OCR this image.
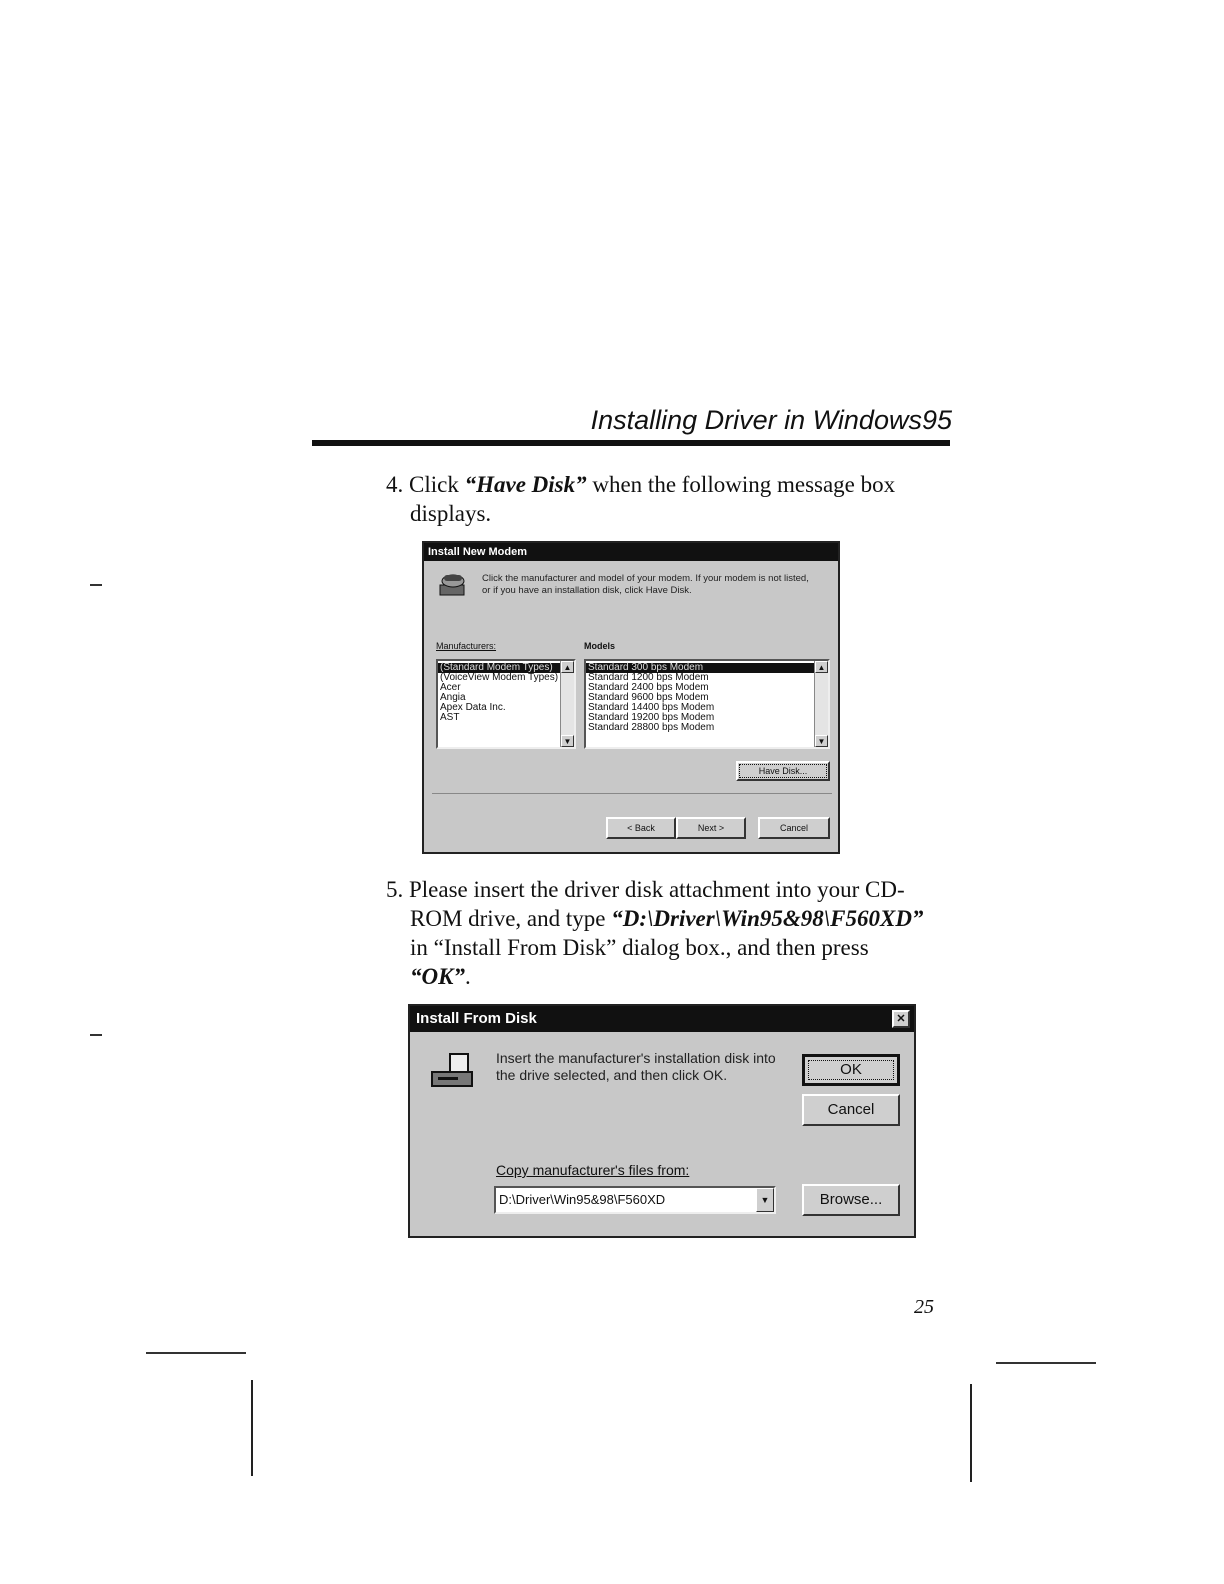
Installing Driver in Windows95
4. Click “Have Disk” when the following message box
displays.
Install New Modem
Click the manufacturer and model of your modem. If your modem is not listed,
or if you have an installation disk, click Have Disk.
Manufacturers:	Models
(Standard Modem Types)
(VoiceView Modem Types)
Acer
Angia
Apex Data Inc.
AST
▲
▼
Standard 300 bps Modem
Standard 1200 bps Modem
Standard 2400 bps Modem
Standard 9600 bps Modem
Standard 14400 bps Modem
Standard 19200 bps Modem
Standard 28800 bps Modem
▲
▼
Have Disk...
< Back	Next >	Cancel
5. Please insert the driver disk attachment into your CD-
ROM drive, and type “D:\Driver\Win95&98\F560XD”
in “Install From Disk” dialog box., and then press
“OK”.
Install From Disk	✕
Insert the manufacturer's installation disk into
the drive selected, and then click OK.	OK
Cancel
Copy manufacturer's files from:
D:\Driver\Win95&98\F560XD	▼	Browse...
25
